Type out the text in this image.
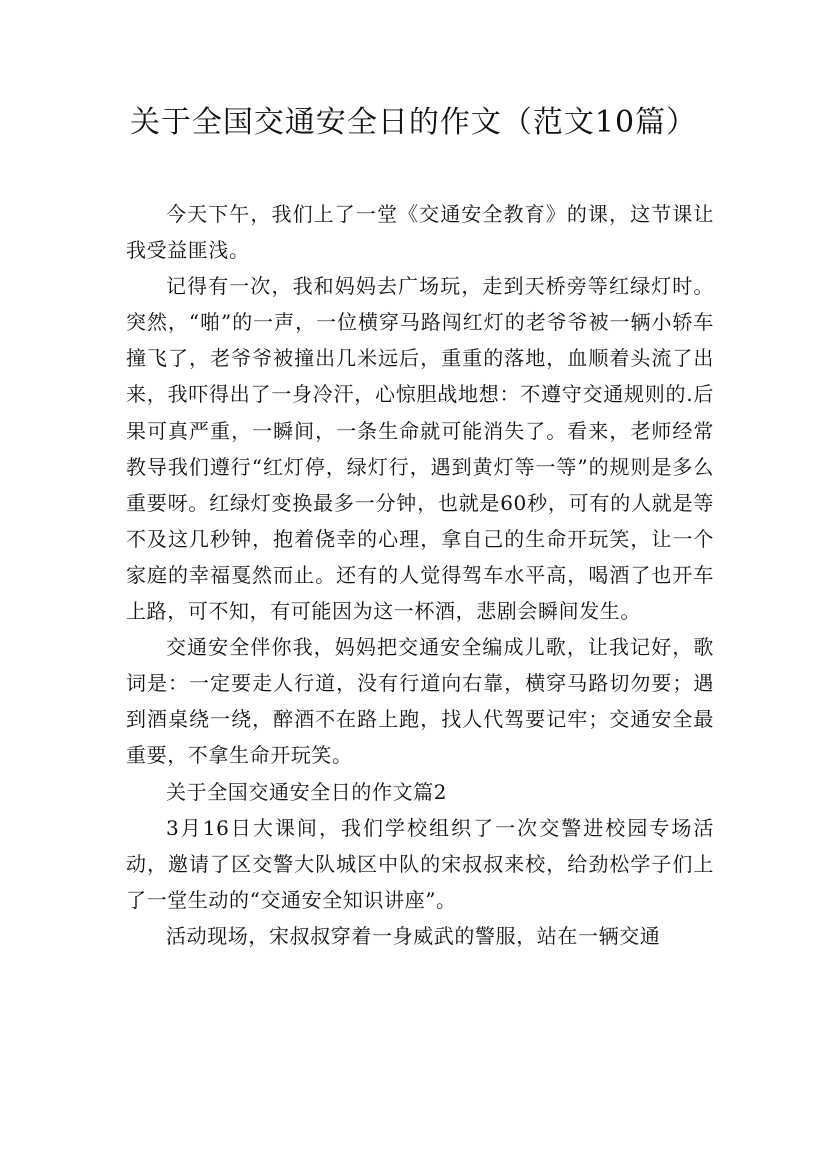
关于全国交通安全日的作文（范文10篇）

今天下午，我们上了一堂《交通安全教育》的课，这节课让我受益匪浅。

记得有一次，我和妈妈去广场玩，走到天桥旁等红绿灯时。突然，“啪”的一声，一位横穿马路闯红灯的老爷爷被一辆小轿车撞飞了，老爷爷被撞出几米远后，重重的落地，血顺着头流了出来，我吓得出了一身冷汗，心惊胆战地想：不遵守交通规则的.后果可真严重，一瞬间，一条生命就可能消失了。看来，老师经常教导我们遵行“红灯停，绿灯行，遇到黄灯等一等”的规则是多么重要呀。红绿灯变换最多一分钟，也就是60秒，可有的人就是等不及这几秒钟，抱着侥幸的心理，拿自己的生命开玩笑，让一个家庭的幸福戛然而止。还有的人觉得驾车水平高，喝酒了也开车上路，可不知，有可能因为这一杯酒，悲剧会瞬间发生。

交通安全伴你我，妈妈把交通安全编成儿歌，让我记好，歌词是：一定要走人行道，没有行道向右靠，横穿马路切勿要；遇到酒桌绕一绕，醉酒不在路上跑，找人代驾要记牢；交通安全最重要，不拿生命开玩笑。

关于全国交通安全日的作文篇2

3月16日大课间，我们学校组织了一次交警进校园专场活动，邀请了区交警大队城区中队的宋叔叔来校，给劲松学子们上了一堂生动的“交通安全知识讲座”。

活动现场，宋叔叔穿着一身威武的警服，站在一辆交通
